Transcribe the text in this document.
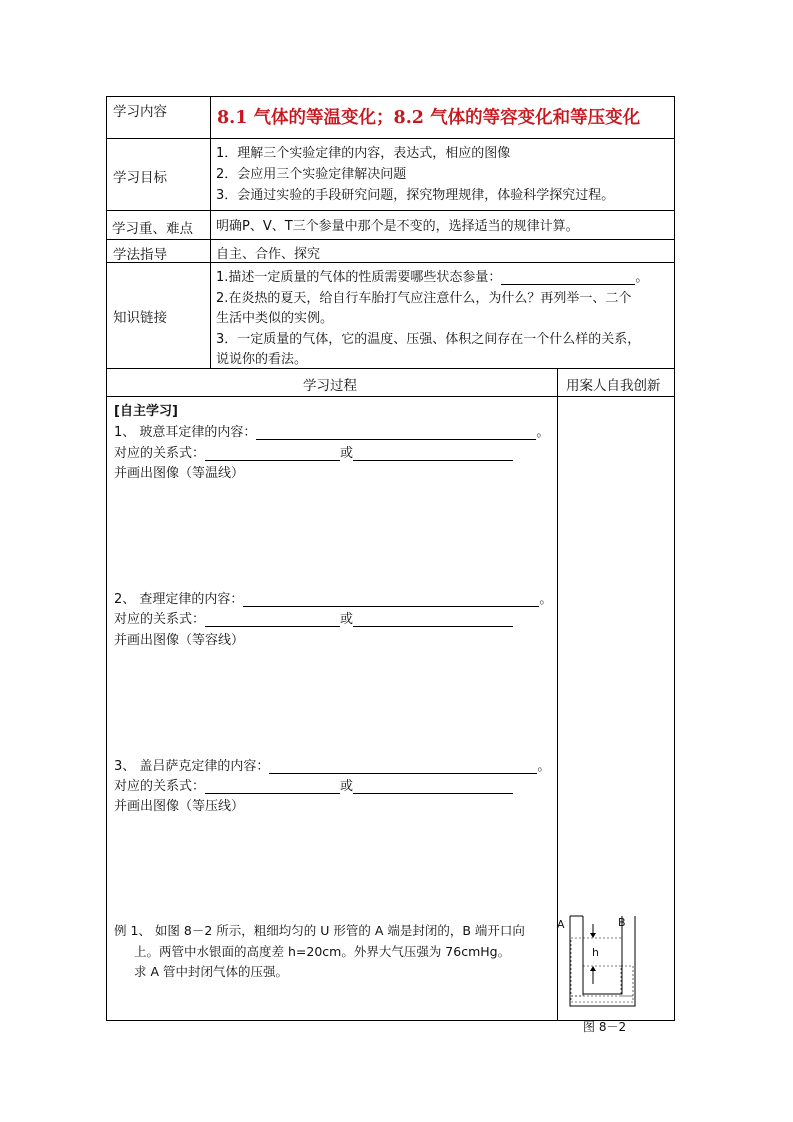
学习内容	8.1 气体的等温变化；8.2 气体的等容变化和等压变化
学习目标
1．理解三个实验定律的内容，表达式，相应的图像
2．会应用三个实验定律解决问题
3．会通过实验的手段研究问题，探究物理规律，体验科学探究过程。
学习重、难点 明确P、V、T三个参量中那个是不变的，选择适当的规律计算。
学法指导	自主、合作、探究
知识链接
1.描述一定质量的气体的性质需要哪些状态参量：	。
2.在炎热的夏天，给自行车胎打气应注意什么，为什么？再列举一、二个
生活中类似的实例。
3．一定质量的气体，它的温度、压强、体积之间存在一个什么样的关系，
说说你的看法。
学习过程	用案人自我创新
[自主学习]
1、 玻意耳定律的内容：	。
对应的关系式：	或
并画出图像（等温线）
2、 查理定律的内容：	。
对应的关系式：	或
并画出图像（等容线）
3、 盖吕萨克定律的内容：	。
对应的关系式：	或
并画出图像（等压线）
例 1、 如图 8－2 所示，粗细均匀的 U 形管的 A 端是封闭的，B 端开口向
上。两管中水银面的高度差 h=20cm。外界大气压强为 76cmHg。
求 A 管中封闭气体的压强。
A	B
h
图 8－2
